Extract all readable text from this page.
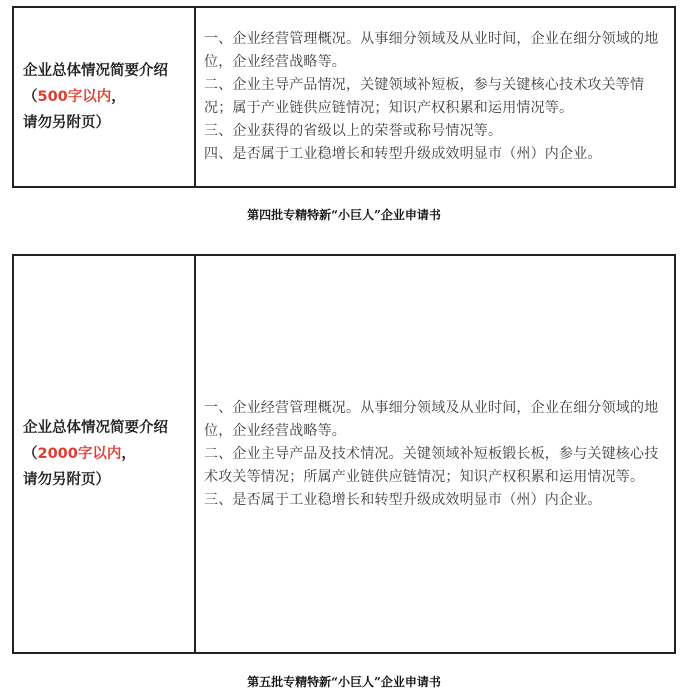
企业总体情况简要介绍
（500字以内，
请勿另附页）

一、企业经营管理概况。从事细分领域及从业时间，企业在细分领域的地位，企业经营战略等。

二、企业主导产品情况，关键领域补短板，参与关键核心技术攻关等情况；属于产业链供应链情况；知识产权积累和运用情况等。

三、企业获得的省级以上的荣誉或称号情况等。

四、是否属于工业稳增长和转型升级成效明显市（州）内企业。

第四批专精特新“小巨人”企业申请书
企业总体情况简要介绍
（2000字以内，
请勿另附页）

一、企业经营管理概况。从事细分领域及从业时间，企业在细分领域的地位，企业经营战略等。

二、企业主导产品及技术情况。关键领域补短板锻长板，参与关键核心技术攻关等情况；所属产业链供应链情况；知识产权积累和运用情况等。

三、是否属于工业稳增长和转型升级成效明显市（州）内企业。

第五批专精特新“小巨人”企业申请书
